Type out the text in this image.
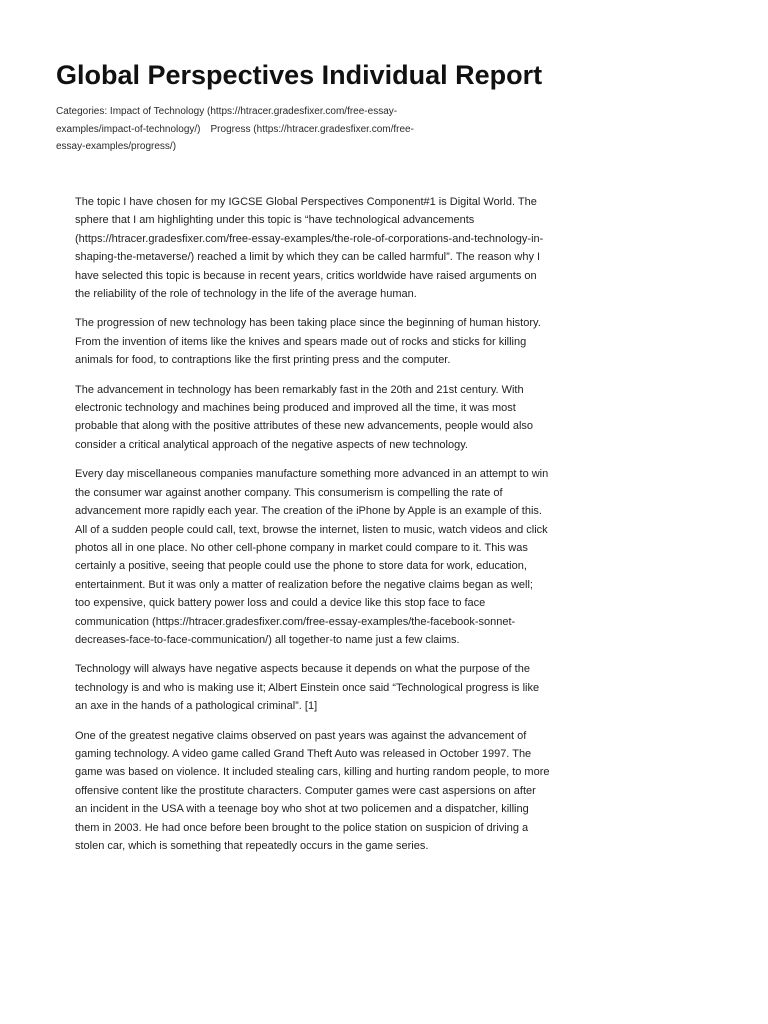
Global Perspectives Individual Report
Categories: Impact of Technology (https://htracer.gradesfixer.com/free-essay-examples/impact-of-technology/) Progress (https://htracer.gradesfixer.com/free-essay-examples/progress/)

The topic I have chosen for my IGCSE Global Perspectives Component#1 is Digital World. The sphere that I am highlighting under this topic is “have technological advancements (https://htracer.gradesfixer.com/free-essay-examples/the-role-of-corporations-and-technology-in-shaping-the-metaverse/) reached a limit by which they can be called harmful”. The reason why I have selected this topic is because in recent years, critics worldwide have raised arguments on the reliability of the role of technology in the life of the average human.

The progression of new technology has been taking place since the beginning of human history. From the invention of items like the knives and spears made out of rocks and sticks for killing animals for food, to contraptions like the first printing press and the computer.

The advancement in technology has been remarkably fast in the 20th and 21st century. With electronic technology and machines being produced and improved all the time, it was most probable that along with the positive attributes of these new advancements, people would also consider a critical analytical approach of the negative aspects of new technology.

Every day miscellaneous companies manufacture something more advanced in an attempt to win the consumer war against another company. This consumerism is compelling the rate of advancement more rapidly each year. The creation of the iPhone by Apple is an example of this. All of a sudden people could call, text, browse the internet, listen to music, watch videos and click photos all in one place. No other cell-phone company in market could compare to it. This was certainly a positive, seeing that people could use the phone to store data for work, education, entertainment. But it was only a matter of realization before the negative claims began as well; too expensive, quick battery power loss and could a device like this stop face to face communication (https://htracer.gradesfixer.com/free-essay-examples/the-facebook-sonnet-decreases-face-to-face-communication/) all together-to name just a few claims.

Technology will always have negative aspects because it depends on what the purpose of the technology is and who is making use it; Albert Einstein once said “Technological progress is like an axe in the hands of a pathological criminal”. [1]

One of the greatest negative claims observed on past years was against the advancement of gaming technology. A video game called Grand Theft Auto was released in October 1997. The game was based on violence. It included stealing cars, killing and hurting random people, to more offensive content like the prostitute characters. Computer games were cast aspersions on after an incident in the USA with a teenage boy who shot at two policemen and a dispatcher, killing them in 2003. He had once before been brought to the police station on suspicion of driving a stolen car, which is something that repeatedly occurs in the game series.
